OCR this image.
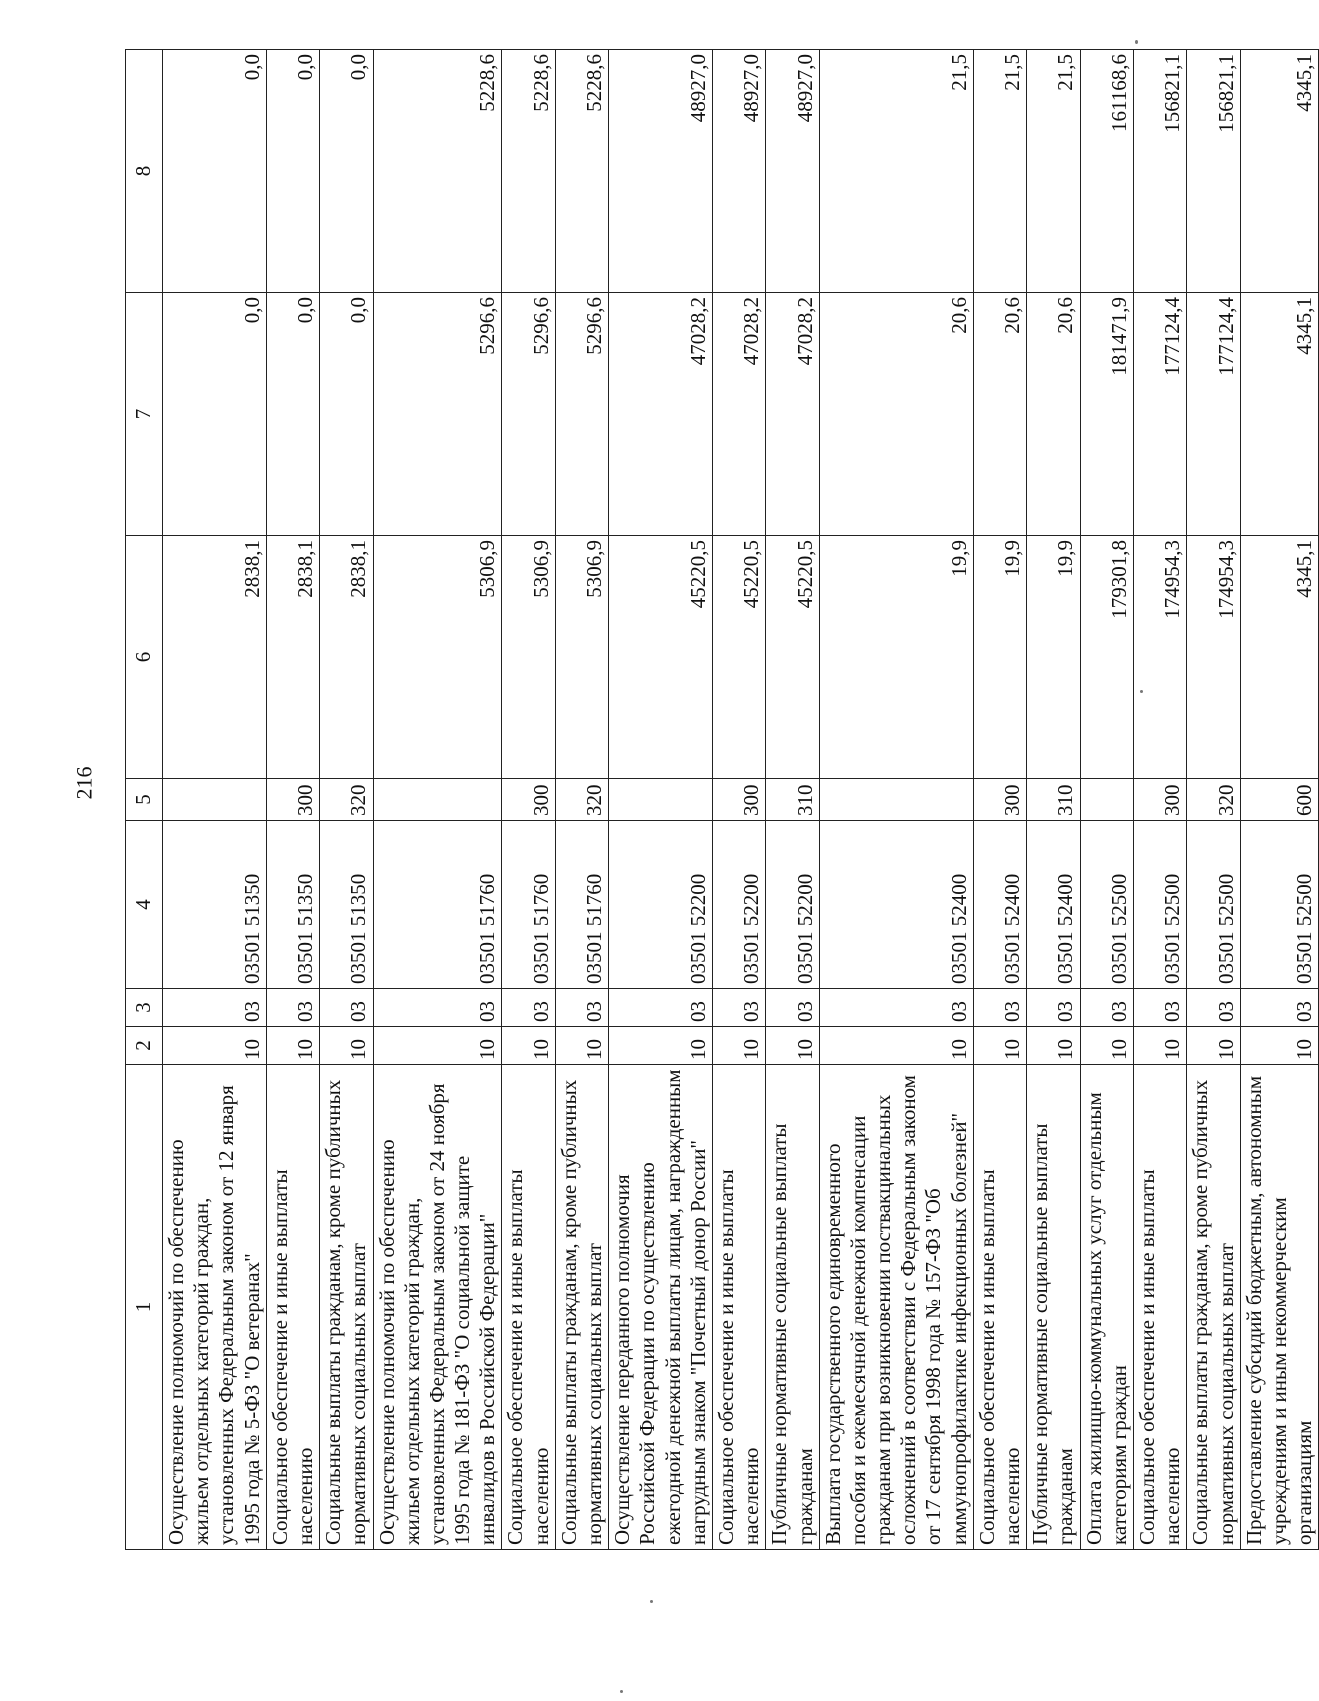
216
1	2	3	4	5	6	7	8
Осуществление полномочий по обеспечению жильем отдельных категорий граждан, установленных Федеральным законом от 12 января 1995 года № 5-ФЗ "О ветеранах"	10	03	03501 51350		2838,1	0,0	0,0
Социальное обеспечение и иные выплаты населению	10	03	03501 51350	300	2838,1	0,0	0,0
Социальные выплаты гражданам, кроме публичных нормативных социальных выплат	10	03	03501 51350	320	2838,1	0,0	0,0
Осуществление полномочий по обеспечению жильем отдельных категорий граждан, установленных Федеральным законом от 24 ноября 1995 года № 181-ФЗ "О социальной защите инвалидов в Российской Федерации"	10	03	03501 51760		5306,9	5296,6	5228,6
Социальное обеспечение и иные выплаты населению	10	03	03501 51760	300	5306,9	5296,6	5228,6
Социальные выплаты гражданам, кроме публичных нормативных социальных выплат	10	03	03501 51760	320	5306,9	5296,6	5228,6
Осуществление переданного полномочия Российской Федерации по осуществлению ежегодной денежной выплаты лицам, награжденным нагрудным знаком "Почетный донор России"	10	03	03501 52200		45220,5	47028,2	48927,0
Социальное обеспечение и иные выплаты населению	10	03	03501 52200	300	45220,5	47028,2	48927,0
Публичные нормативные социальные выплаты гражданам	10	03	03501 52200	310	45220,5	47028,2	48927,0
Выплата государственного единовременного пособия и ежемесячной денежной компенсации гражданам при возникновении поствакцинальных осложнений в соответствии с Федеральным законом от 17 сентября 1998 года № 157-ФЗ "Об иммунопрофилактике инфекционных болезней"	10	03	03501 52400		19,9	20,6	21,5
Социальное обеспечение и иные выплаты населению	10	03	03501 52400	300	19,9	20,6	21,5
Публичные нормативные социальные выплаты гражданам	10	03	03501 52400	310	19,9	20,6	21,5
Оплата жилищно-коммунальных услуг отдельным категориям граждан	10	03	03501 52500		179301,8	181471,9	161168,6
Социальное обеспечение и иные выплаты населению	10	03	03501 52500	300	174954,3	177124,4	156821,1
Социальные выплаты гражданам, кроме публичных нормативных социальных выплат	10	03	03501 52500	320	174954,3	177124,4	156821,1
Предоставление субсидий бюджетным, автономным учреждениям и иным некоммерческим организациям	10	03	03501 52500	600	4345,1	4345,1	4345,1
